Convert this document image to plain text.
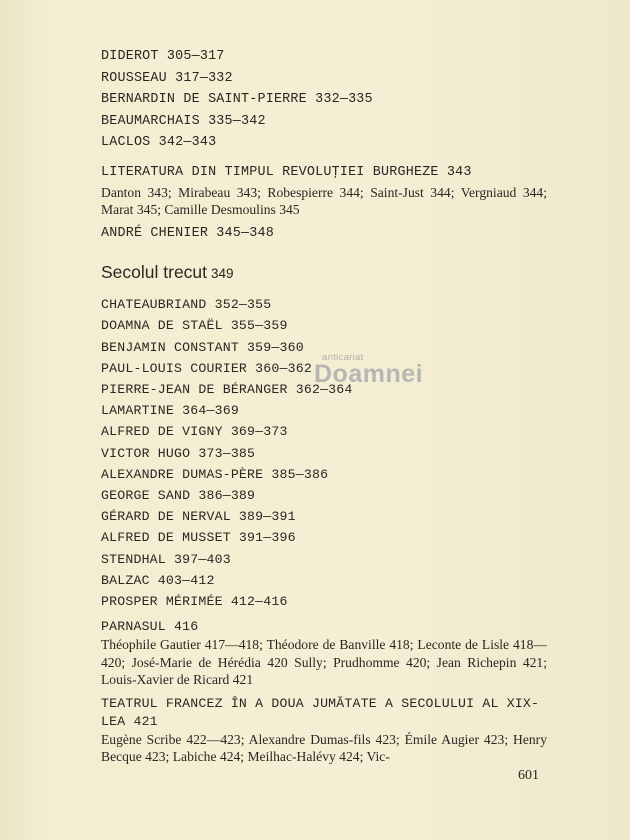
DIDEROT 305—317
ROUSSEAU 317—332
BERNARDIN DE SAINT-PIERRE 332—335
BEAUMARCHAIS 335—342
LACLOS 342—343
LITERATURA DIN TIMPUL REVOLUŢIEI BURGHEZE 343
Danton 343; Mirabeau 343; Robespierre 344; Saint-Just 344; Vergniaud 344; Marat 345; Camille Desmoulins 345
ANDRÉ CHENIER 345—348
Secolul trecut 349
CHATEAUBRIAND 352—355
DOAMNA DE STAËL 355—359
BENJAMIN CONSTANT 359—360
PAUL-LOUIS COURIER 360—362
PIERRE-JEAN DE BÉRANGER 362—364
LAMARTINE 364—369
ALFRED DE VIGNY 369—373
VICTOR HUGO 373—385
ALEXANDRE DUMAS-PÈRE 385—386
GEORGE SAND 386—389
GÉRARD DE NERVAL 389—391
ALFRED DE MUSSET 391—396
STENDHAL 397—403
BALZAC 403—412
PROSPER MÉRIMÉE 412—416
PARNASUL 416
Théophile Gautier 417—418; Théodore de Banville 418; Leconte de Lisle 418—420; José-Marie de Hérédia 420 Sully; Prudhomme 420; Jean Richepin 421; Louis-Xavier de Ricard 421
TEATRUL FRANCEZ ÎN A DOUA JUMĂTATE A SECOLULUI AL XIX-LEA 421
Eugène Scribe 422—423; Alexandre Dumas-fils 423; Émile Augier 423; Henry Becque 423; Labiche 424; Meilhac-Halévy 424; Vic-
601
anticariat
Doamnei
